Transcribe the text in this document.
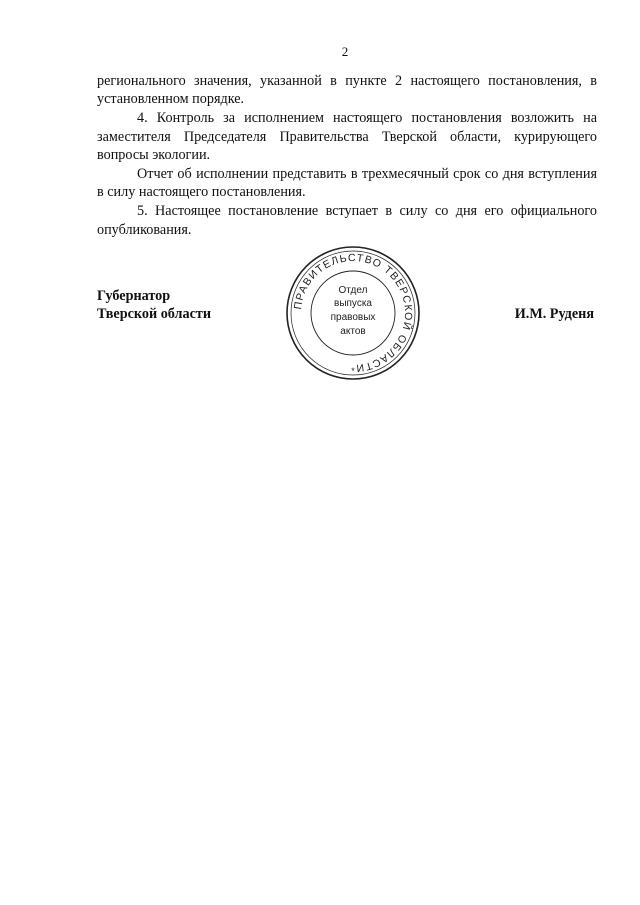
2

регионального значения, указанной в пункте 2 настоящего постановления, в установленном порядке.

4. Контроль за исполнением настоящего постановления возложить на заместителя Председателя Правительства Тверской области, курирующего вопросы экологии.

Отчет об исполнении представить в трехмесячный срок со дня вступления в силу настоящего постановления.

5. Настоящее постановление вступает в силу со дня его официального опубликования.

Губернатор
Тверской области	И.М. Руденя
ПРАВИТЕЛЬСТВО ТВЕРСКОЙ ОБЛАСТИ
Отдел
выпуска
правовых
актов
*
